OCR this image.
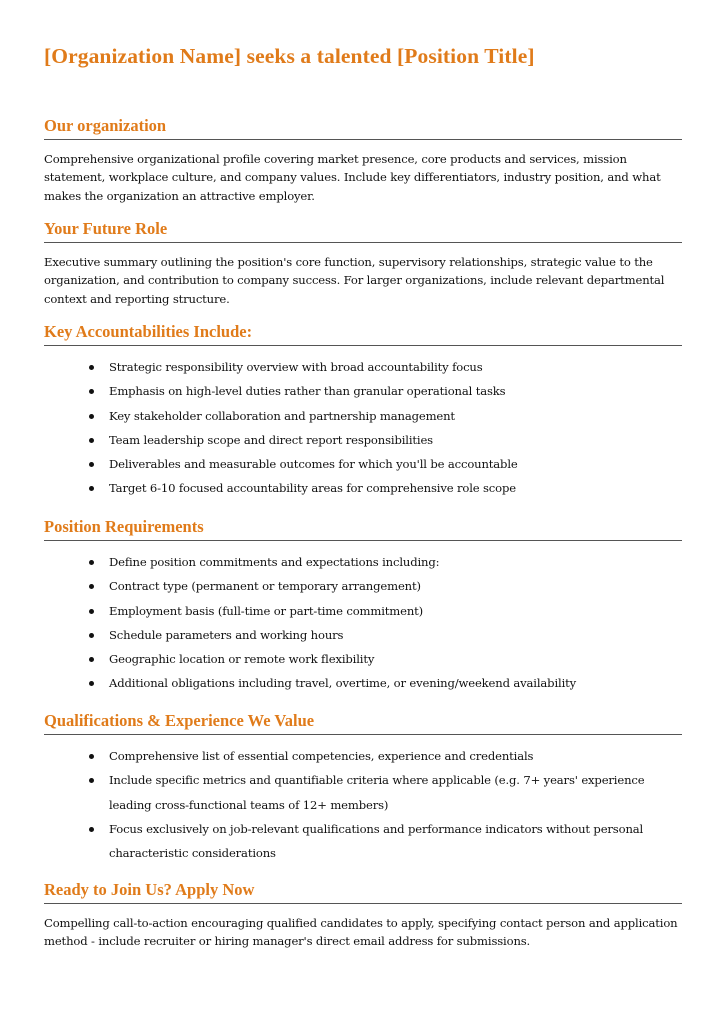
[Organization Name] seeks a talented [Position Title]
Our organization

Comprehensive organizational profile covering market presence, core products and services, mission statement, workplace culture, and company values. Include key differentiators, industry position, and what makes the organization an attractive employer.

Your Future Role

Executive summary outlining the position's core function, supervisory relationships, strategic value to the organization, and contribution to company success. For larger organizations, include relevant departmental context and reporting structure.

Key Accountabilities Include:
Strategic responsibility overview with broad accountability focus
Emphasis on high-level duties rather than granular operational tasks
Key stakeholder collaboration and partnership management
Team leadership scope and direct report responsibilities
Deliverables and measurable outcomes for which you'll be accountable
Target 6-10 focused accountability areas for comprehensive role scope
Position Requirements
Define position commitments and expectations including:
Contract type (permanent or temporary arrangement)
Employment basis (full-time or part-time commitment)
Schedule parameters and working hours
Geographic location or remote work flexibility
Additional obligations including travel, overtime, or evening/weekend availability
Qualifications & Experience We Value
Comprehensive list of essential competencies, experience and credentials
Include specific metrics and quantifiable criteria where applicable (e.g. 7+ years' experience leading cross-functional teams of 12+ members)
Focus exclusively on job-relevant qualifications and performance indicators without personal characteristic considerations
Ready to Join Us? Apply Now

Compelling call-to-action encouraging qualified candidates to apply, specifying contact person and application method - include recruiter or hiring manager's direct email address for submissions.
